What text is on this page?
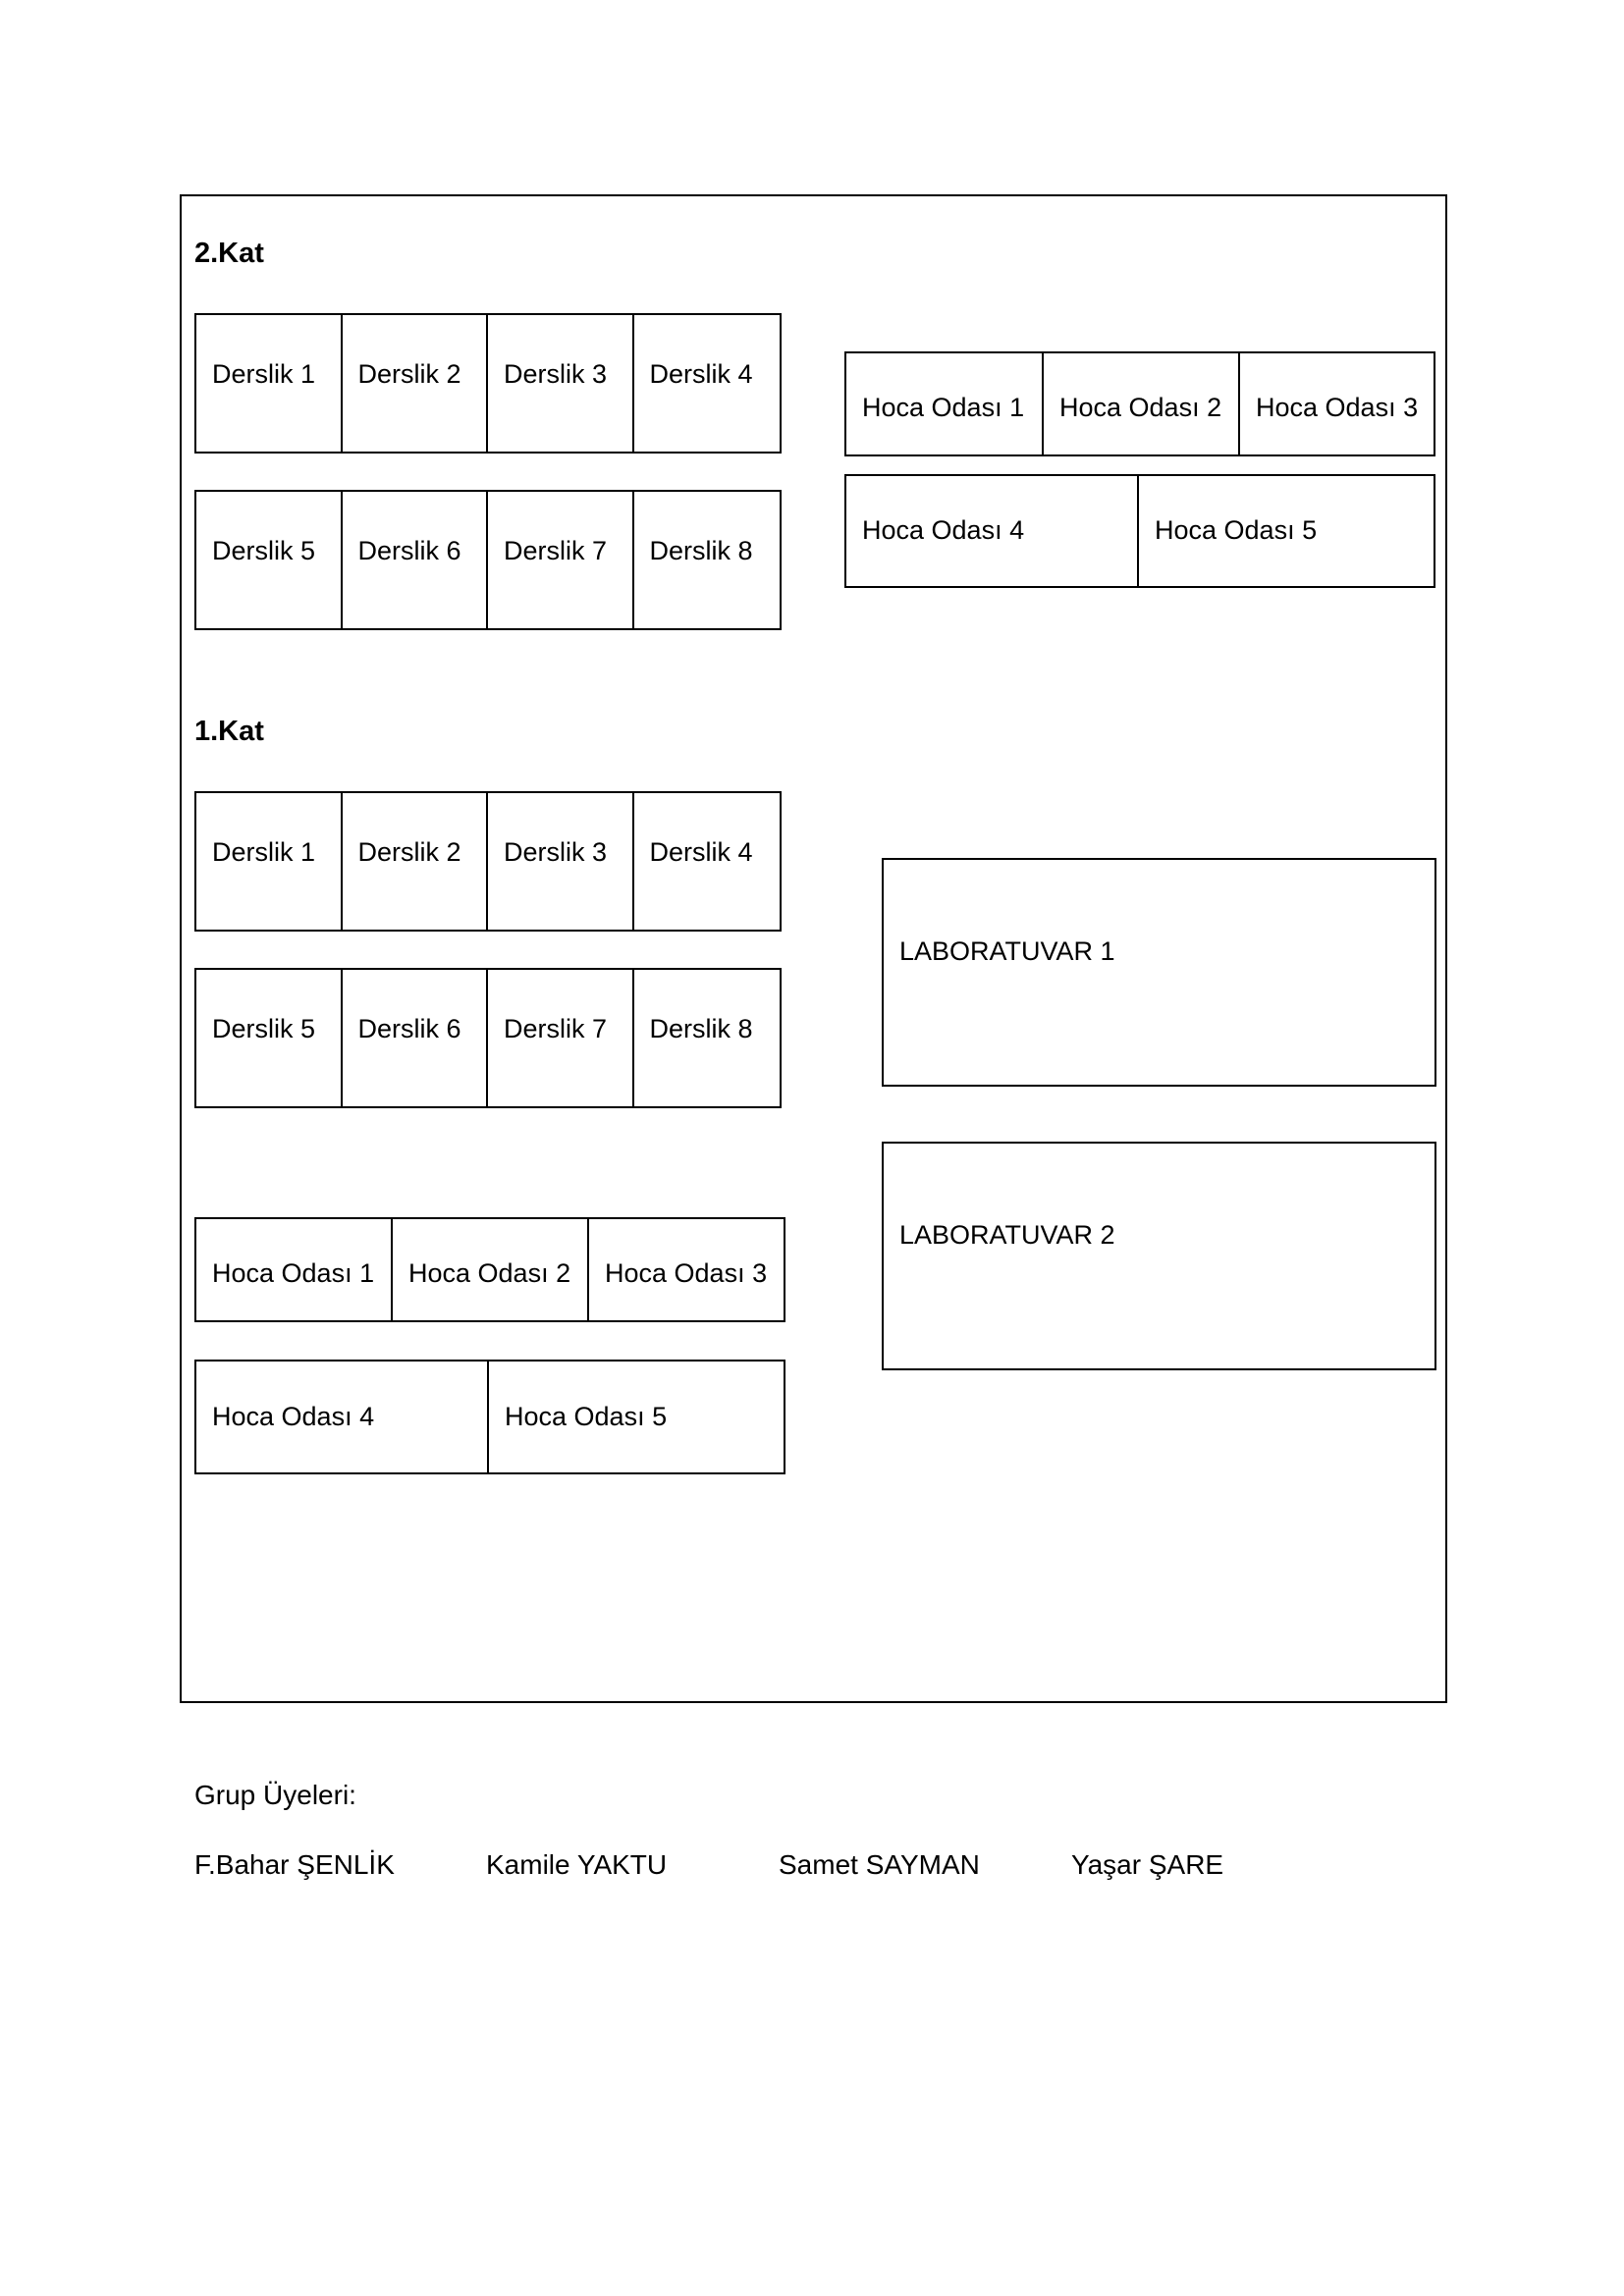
2.Kat
Derslik 1 Derslik 2 Derslik 3 Derslik 4
Derslik 5 Derslik 6 Derslik 7 Derslik 8
Hoca Odası 1 Hoca Odası 2 Hoca Odası 3
Hoca Odası 4	Hoca Odası 5
1.Kat
Derslik 1 Derslik 2 Derslik 3 Derslik 4
Derslik 5 Derslik 6 Derslik 7 Derslik 8
Hoca Odası 1 Hoca Odası 2 Hoca Odası 3
Hoca Odası 4	Hoca Odası 5
LABORATUVAR 1
LABORATUVAR 2
Grup Üyeleri:
F.Bahar ŞENLİK	Kamile YAKTU	Samet SAYMAN	Yaşar ŞARE
